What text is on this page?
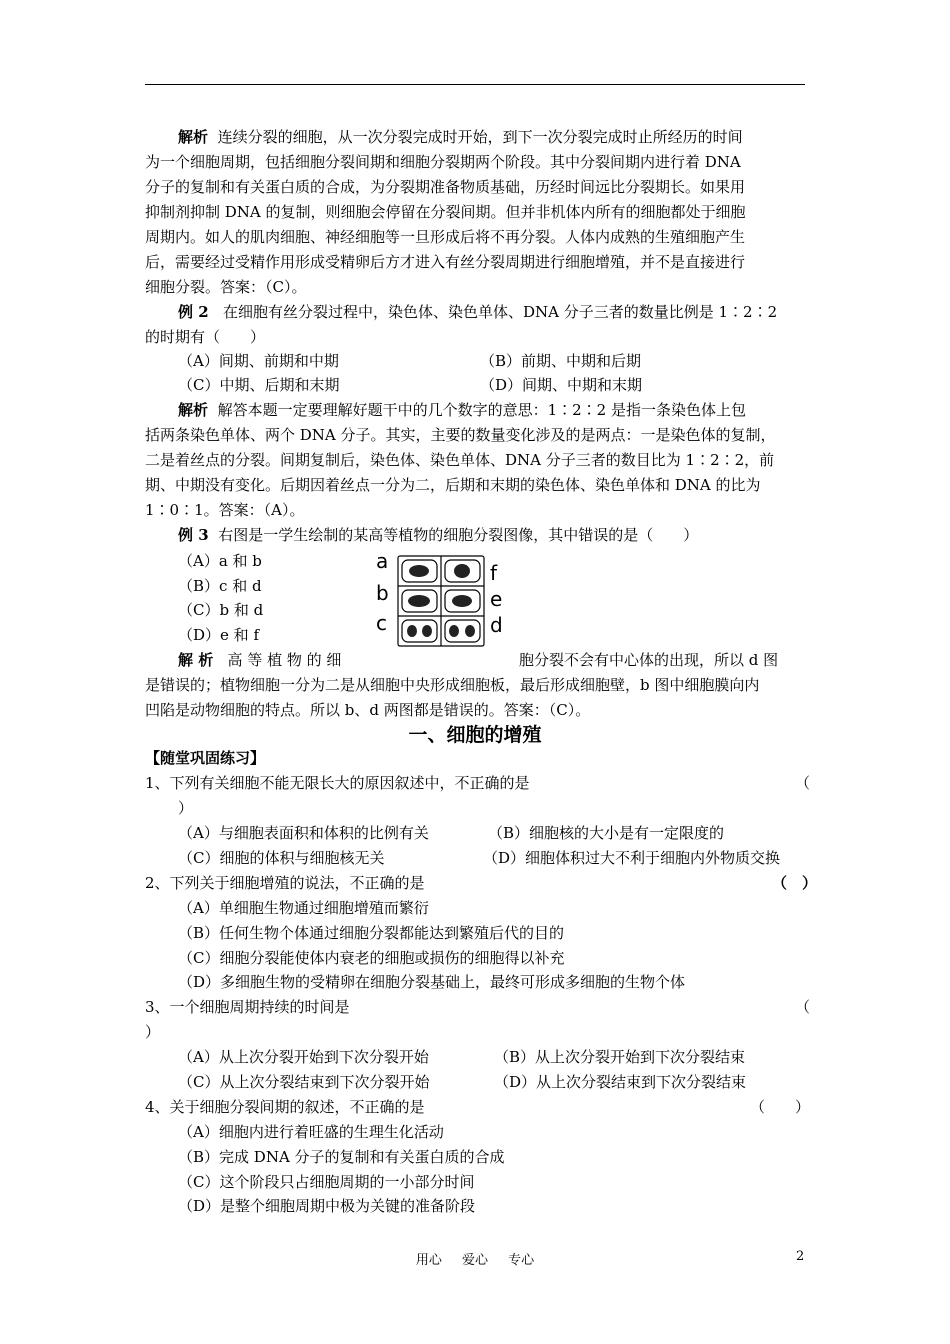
解析 连续分裂的细胞，从一次分裂完成时开始，到下一次分裂完成时止所经历的时间
为一个细胞周期，包括细胞分裂间期和细胞分裂期两个阶段。其中分裂间期内进行着 DNA
分子的复制和有关蛋白质的合成，为分裂期准备物质基础，历经时间远比分裂期长。如果用
抑制剂抑制 DNA 的复制，则细胞会停留在分裂间期。但并非机体内所有的细胞都处于细胞
周期内。如人的肌肉细胞、神经细胞等一旦形成后将不再分裂。人体内成熟的生殖细胞产生
后，需要经过受精作用形成受精卵后方才进入有丝分裂周期进行细胞增殖，并不是直接进行
细胞分裂。答案：（C）。
例 2 在细胞有丝分裂过程中，染色体、染色单体、DNA 分子三者的数量比例是 1∶2∶2
的时期有（　　）
（A）间期、前期和中期	（B）前期、中期和后期
（C）中期、后期和末期	（D）间期、中期和末期
解析 解答本题一定要理解好题干中的几个数字的意思：1∶2∶2 是指一条染色体上包
括两条染色单体、两个 DNA 分子。其实，主要的数量变化涉及的是两点：一是染色体的复制，
二是着丝点的分裂。间期复制后，染色体、染色单体、DNA 分子三者的数目比为 1∶2∶2，前
期、中期没有变化。后期因着丝点一分为二，后期和末期的染色体、染色单体和 DNA 的比为
1∶0∶1。答案：（A）。
例 3 右图是一学生绘制的某高等植物的细胞分裂图像，其中错误的是（　　）
（A）a 和 b
（B）c 和 d
（C）b 和 d
（D）e 和 f
a
b
c
f
e
d
解 析 高 等 植 物 的 细	胞分裂不会有中心体的出现，所以 d 图
是错误的；植物细胞一分为二是从细胞中央形成细胞板，最后形成细胞壁，b 图中细胞膜向内
凹陷是动物细胞的特点。所以 b、d 两图都是错误的。答案：（C）。
一、细胞的增殖
【随堂巩固练习】
1、下列有关细胞不能无限长大的原因叙述中，不正确的是	（
）
（A）与细胞表面积和体积的比例有关	（B）细胞核的大小是有一定限度的
（C）细胞的体积与细胞核无关	（D）细胞体积过大不利于细胞内外物质交换
2、下列关于细胞增殖的说法，不正确的是	（　）
（A）单细胞生物通过细胞增殖而繁衍
（B）任何生物个体通过细胞分裂都能达到繁殖后代的目的
（C）细胞分裂能使体内衰老的细胞或损伤的细胞得以补充
（D）多细胞生物的受精卵在细胞分裂基础上，最终可形成多细胞的生物个体
3、一个细胞周期持续的时间是	（
）
（A）从上次分裂开始到下次分裂开始	（B）从上次分裂开始到下次分裂结束
（C）从上次分裂结束到下次分裂开始	（D）从上次分裂结束到下次分裂结束
4、关于细胞分裂间期的叙述，不正确的是	（　　）
（A）细胞内进行着旺盛的生理生化活动
（B）完成 DNA 分子的复制和有关蛋白质的合成
（C）这个阶段只占细胞周期的一小部分时间
（D）是整个细胞周期中极为关键的准备阶段
用心 爱心 专心	2
